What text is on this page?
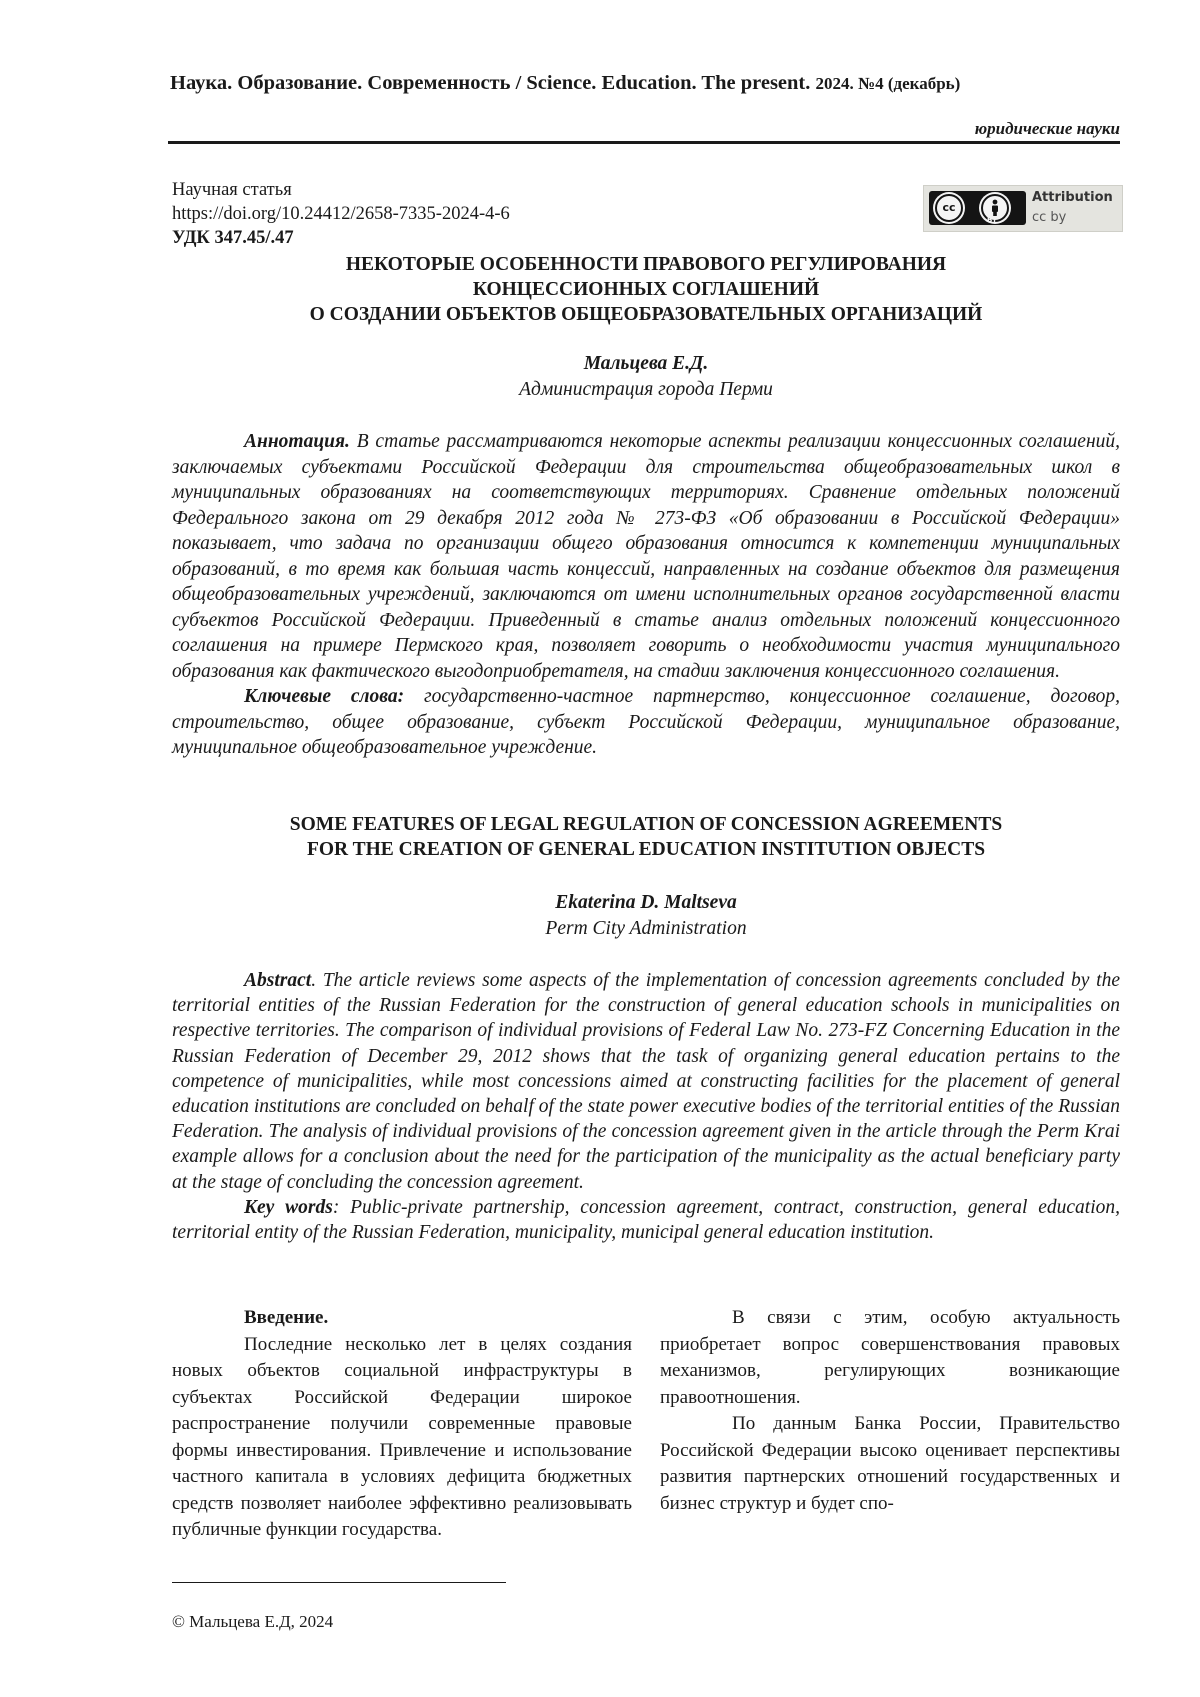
Наука. Образование. Современность / Science. Education. The present. 2024. №4 (декабрь)
юридические науки
Научная статья
https://doi.org/10.24412/2658-7335-2024-4-6
УДК 347.45/.47
cc
BY
Attribution
cc by
НЕКОТОРЫЕ ОСОБЕННОСТИ ПРАВОВОГО РЕГУЛИРОВАНИЯ
КОНЦЕССИОННЫХ СОГЛАШЕНИЙ
О СОЗДАНИИ ОБЪЕКТОВ ОБЩЕОБРАЗОВАТЕЛЬНЫХ ОРГАНИЗАЦИЙ
Мальцева Е.Д.
Администрация города Перми
Аннотация. В статье рассматриваются некоторые аспекты реализации концессионных соглашений, заключаемых субъектами Российской Федерации для строительства общеобразовательных школ в муниципальных образованиях на соответствующих территориях. Сравнение отдельных положений Федерального закона от 29 декабря 2012 года № 273-ФЗ «Об образовании в Российской Федерации» показывает, что задача по организации общего образования относится к компетенции муниципальных образований, в то время как большая часть концессий, направленных на создание объектов для размещения общеобразовательных учреждений, заключаются от имени исполнительных органов государственной власти субъектов Российской Федерации. Приведенный в статье анализ отдельных положений концессионного соглашения на примере Пермского края, позволяет говорить о необходимости участия муниципального образования как фактического выгодоприобретателя, на стадии заключения концессионного соглашения.
Ключевые слова: государственно-частное партнерство, концессионное соглашение, договор, строительство, общее образование, субъект Российской Федерации, муниципальное образование, муниципальное общеобразовательное учреждение.
SOME FEATURES OF LEGAL REGULATION OF CONCESSION AGREEMENTS
FOR THE CREATION OF GENERAL EDUCATION INSTITUTION OBJECTS
Ekaterina D. Maltseva
Perm City Administration
Abstract. The article reviews some aspects of the implementation of concession agreements concluded by the territorial entities of the Russian Federation for the construction of general education schools in municipalities on respective territories. The comparison of individual provisions of Federal Law No. 273-FZ Concerning Education in the Russian Federation of December 29, 2012 shows that the task of organizing general education pertains to the competence of municipalities, while most concessions aimed at constructing facilities for the placement of general education institutions are concluded on behalf of the state power executive bodies of the territorial entities of the Russian Federation. The analysis of individual provisions of the concession agreement given in the article through the Perm Krai example allows for a conclusion about the need for the participation of the municipality as the actual beneficiary party at the stage of concluding the concession agreement.
Key words: Public-private partnership, concession agreement, contract, construction, general education, territorial entity of the Russian Federation, municipality, municipal general education institution.

Введение.

Последние несколько лет в целях создания новых объектов социальной инфраструктуры в субъектах Российской Федерации широкое распространение получили современные правовые формы инвестирования. Привлечение и использование частного капитала в условиях дефицита бюджетных средств позволяет наиболее эффективно реализовывать публичные функции государства.

В связи с этим, особую актуальность приобретает вопрос совершенствования правовых механизмов, регулирующих возникающие правоотношения.

По данным Банка России, Правительство Российской Федерации высоко оценивает перспективы развития партнерских отношений государственных и бизнес структур и будет спо-

© Мальцева Е.Д, 2024
